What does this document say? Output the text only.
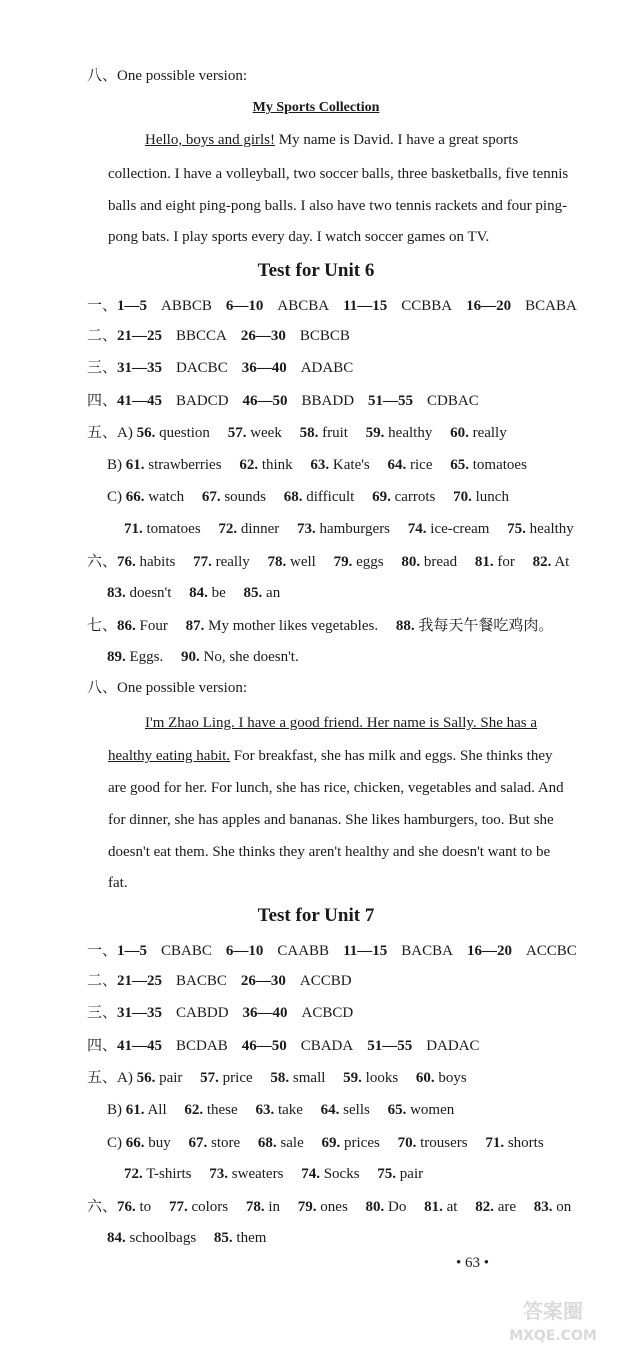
八、One possible version:
My Sports Collection
Hello, boys and girls! My name is David. I have a great sports
collection. I have a volleyball, two soccer balls, three basketballs, five tennis
balls and eight ping-pong balls. I also have two tennis rackets and four ping-
pong bats. I play sports every day. I watch soccer games on TV.
Test for Unit 6
一、1—5 ABBCB 6—10 ABCBA 11—15 CCBBA 16—20 BCABA
二、21—25 BBCCA 26—30 BCBCB
三、31—35 DACBC 36—40 ADABC
四、41—45 BADCD 46—50 BBADD 51—55 CDBAC
五、A) 56. question 57. week 58. fruit 59. healthy 60. really
B) 61. strawberries 62. think 63. Kate's 64. rice 65. tomatoes
C) 66. watch 67. sounds 68. difficult 69. carrots 70. lunch
71. tomatoes 72. dinner 73. hamburgers 74. ice-cream 75. healthy
六、76. habits 77. really 78. well 79. eggs 80. bread 81. for 82. At
83. doesn't 84. be 85. an
七、86. Four 87. My mother likes vegetables. 88. 我每天午餐吃鸡肉。
89. Eggs. 90. No, she doesn't.
八、One possible version:
I'm Zhao Ling. I have a good friend. Her name is Sally. She has a
healthy eating habit. For breakfast, she has milk and eggs. She thinks they
are good for her. For lunch, she has rice, chicken, vegetables and salad. And
for dinner, she has apples and bananas. She likes hamburgers, too. But she
doesn't eat them. She thinks they aren't healthy and she doesn't want to be
fat.
Test for Unit 7
一、1—5 CBABC 6—10 CAABB 11—15 BACBA 16—20 ACCBC
二、21—25 BACBC 26—30 ACCBD
三、31—35 CABDD 36—40 ACBCD
四、41—45 BCDAB 46—50 CBADA 51—55 DADAC
五、A) 56. pair 57. price 58. small 59. looks 60. boys
B) 61. All 62. these 63. take 64. sells 65. women
C) 66. buy 67. store 68. sale 69. prices 70. trousers 71. shorts
72. T-shirts 73. sweaters 74. Socks 75. pair
六、76. to 77. colors 78. in 79. ones 80. Do 81. at 82. are 83. on
84. schoolbags 85. them
• 63 •
答案圈
MXQE.COM
